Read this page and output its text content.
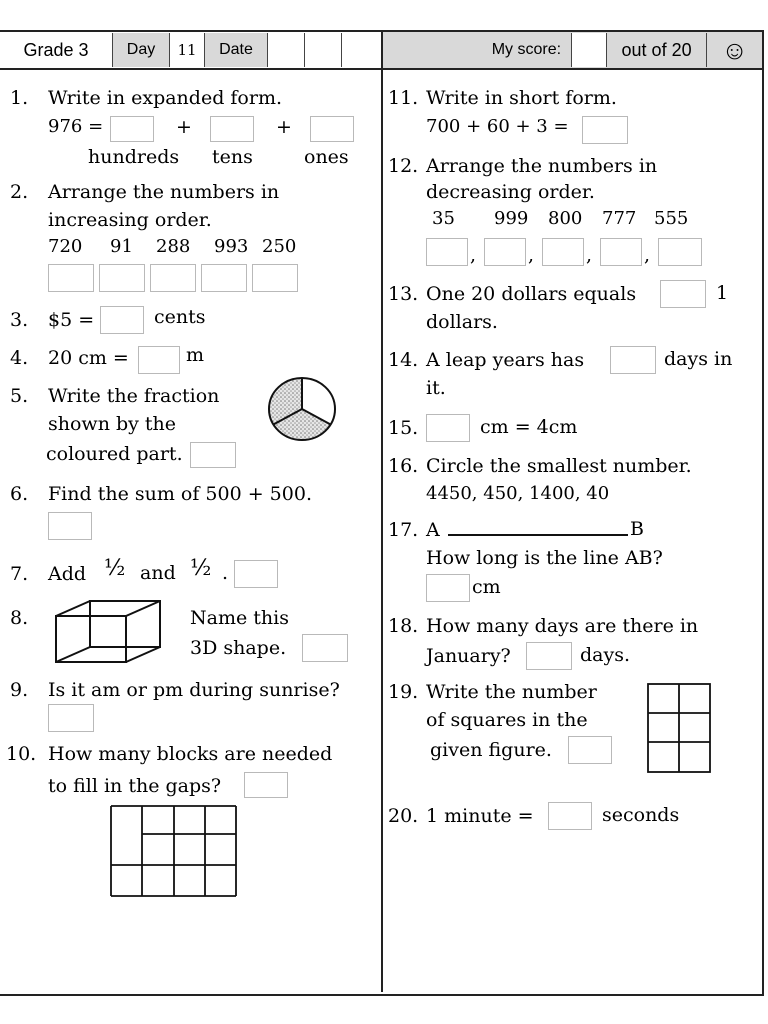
Grade 3	Day	11	Date	My score:	out of 20	☺
1. Write in expanded form.
976 =	+	+
hundreds tens	ones
2. Arrange the numbers in
increasing order.
720 91 288 993 250
3. $5 =	cents
4. 20 cm =	m
5. Write the fraction
shown by the
coloured part.
6. Find the sum of 500 + 500.
7. Add ½ and ½ .
8.	Name this
3D shape.
9. Is it am or pm during sunrise?
10. How many blocks are needed
to fill in the gaps?
11. Write in short form.
700 + 60 + 3 =
12. Arrange the numbers in
decreasing order.
35 999 800 777 555
,	,	,	,
13. One 20 dollars equals	1
dollars.
14. A leap years has	days in
it.
15.	cm = 4cm
16. Circle the smallest number.
4450, 450, 1400, 40
17. A	B
How long is the line AB?
cm
18. How many days are there in
January?	days.
19. Write the number
of squares in the
given figure.
20. 1 minute =	seconds
